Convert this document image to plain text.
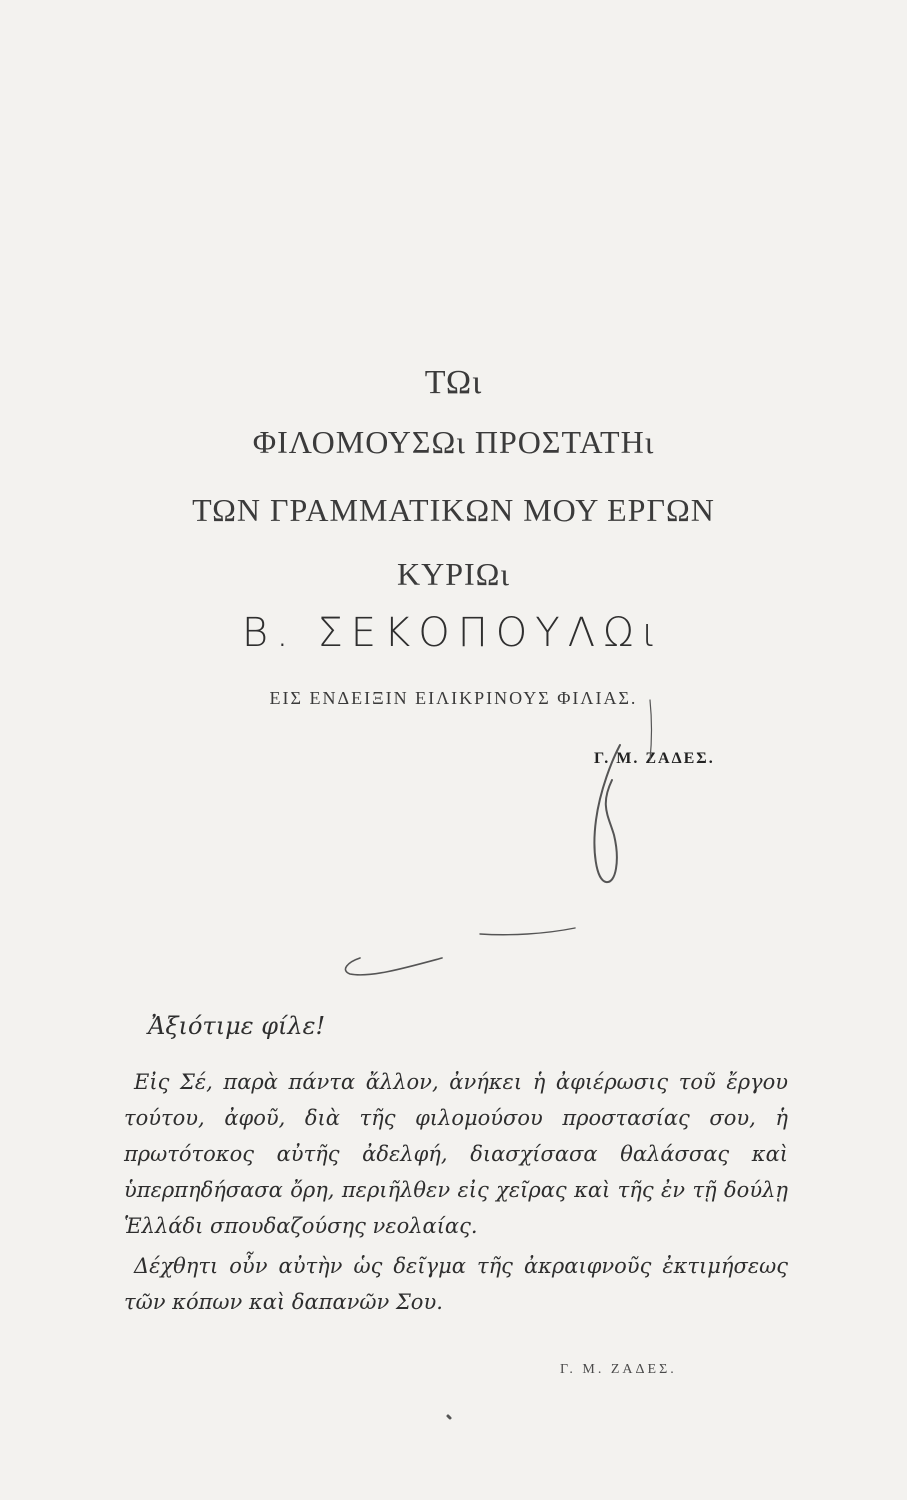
ΤΩι
ΦΙΛΟΜΟΥΣΩι ΠΡΟΣΤΑΤΗι
ΤΩΝ ΓΡΑΜΜΑΤΙΚΩΝ ΜΟΥ ΕΡΓΩΝ
ΚΥΡΙΩι
Β. ΣΕΚΟΠΟΥΛΩι
ΕΙΣ ΕΝΔΕΙΞΙΝ ΕΙΛΙΚΡΙΝΟΥΣ ΦΙΛΙΑΣ.
Γ. Μ. ΖΑΔΕΣ.
Ἀξιότιμε φίλε!
Εἰς Σέ, παρὰ πάντα ἄλλον, ἀνήκει ἡ ἀφιέρωσις τοῦ ἔργου τούτου, ἀφοῦ, διὰ τῆς φιλομούσου προστασίας σου, ἡ πρωτότοκος αὐτῆς ἀδελφή, διασχίσασα θαλάσσας καὶ ὑπερπηδήσασα ὄρη, περιῆλθεν εἰς χεῖρας καὶ τῆς ἐν τῇ δούλῃ Ἑλλάδι σπουδαζούσης νεολαίας.
Δέχθητι οὖν αὐτὴν ὡς δεῖγμα τῆς ἀκραιφνοῦς ἐκτιμήσεως τῶν κόπων καὶ δαπανῶν Σου.
Γ. Μ. ΖΑΔΕΣ.
